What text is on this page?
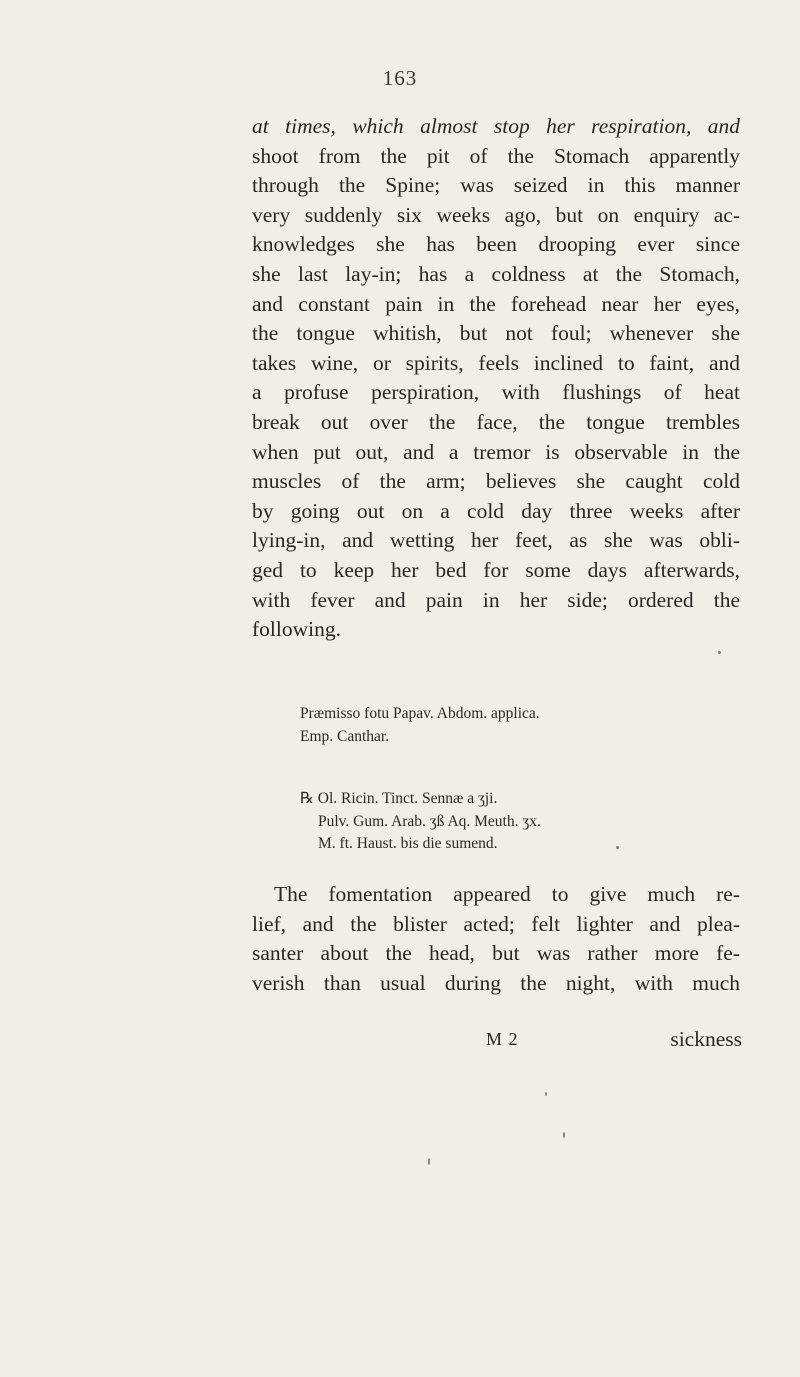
163
at times, which almost stop her respiration, and
shoot from the pit of the Stomach apparently
through the Spine; was seized in this manner
very suddenly six weeks ago, but on enquiry ac-
knowledges she has been drooping ever since
she last lay-in; has a coldness at the Stomach,
and constant pain in the forehead near her eyes,
the tongue whitish, but not foul; whenever she
takes wine, or spirits, feels inclined to faint, and
a profuse perspiration, with flushings of heat
break out over the face, the tongue trembles
when put out, and a tremor is observable in the
muscles of the arm; believes she caught cold
by going out on a cold day three weeks after
lying-in, and wetting her feet, as she was obli-
ged to keep her bed for some days afterwards,
with fever and pain in her side; ordered the
following.
Præmisso fotu Papav. Abdom. applica.
Emp. Canthar.
℞ Ol. Ricin. Tinct. Sennæ a ʒji.
Pulv. Gum. Arab. ʒß Aq. Meuth. ʒx.
M. ft. Haust. bis die sumend.
The fomentation appeared to give much re-
lief, and the blister acted; felt lighter and plea-
santer about the head, but was rather more fe-
verish than usual during the night, with much
M 2	sickness
